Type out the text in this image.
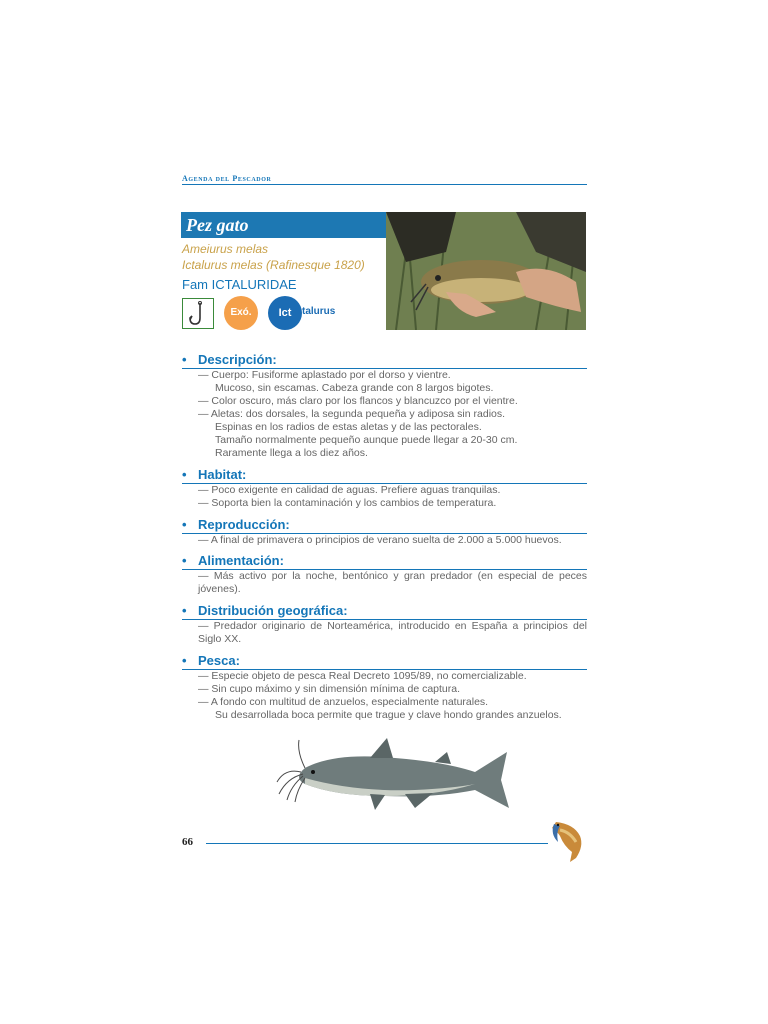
Agenda del Pescador
Pez gato
Ameiurus melas
Ictalurus melas (Rafinesque 1820)
Fam ICTALURIDAE
Exó.	Ict	talurus
• Descripción:
— Cuerpo: Fusiforme aplastado por el dorso y vientre.
Mucoso, sin escamas. Cabeza grande con 8 largos bigotes.
— Color oscuro, más claro por los flancos y blancuzco por el vientre.
— Aletas: dos dorsales, la segunda pequeña y adiposa sin radios.
Espinas en los radios de estas aletas y de las pectorales.
Tamaño normalmente pequeño aunque puede llegar a 20-30 cm.
Raramente llega a los diez años.
• Habitat:
— Poco exigente en calidad de aguas. Prefiere aguas tranquilas.
— Soporta bien la contaminación y los cambios de temperatura.
• Reproducción:
— A final de primavera o principios de verano suelta de 2.000 a 5.000 huevos.
• Alimentación:
— Más activo por la noche, bentónico y gran predador (en especial de peces jóvenes).
• Distribución geográfica:
— Predador originario de Norteamérica, introducido en España a principios del Siglo XX.
• Pesca:
— Especie objeto de pesca Real Decreto 1095/89, no comercializable.
— Sin cupo máximo y sin dimensión mínima de captura.
— A fondo con multitud de anzuelos, especialmente naturales.
Su desarrollada boca permite que trague y clave hondo grandes anzuelos.
66
